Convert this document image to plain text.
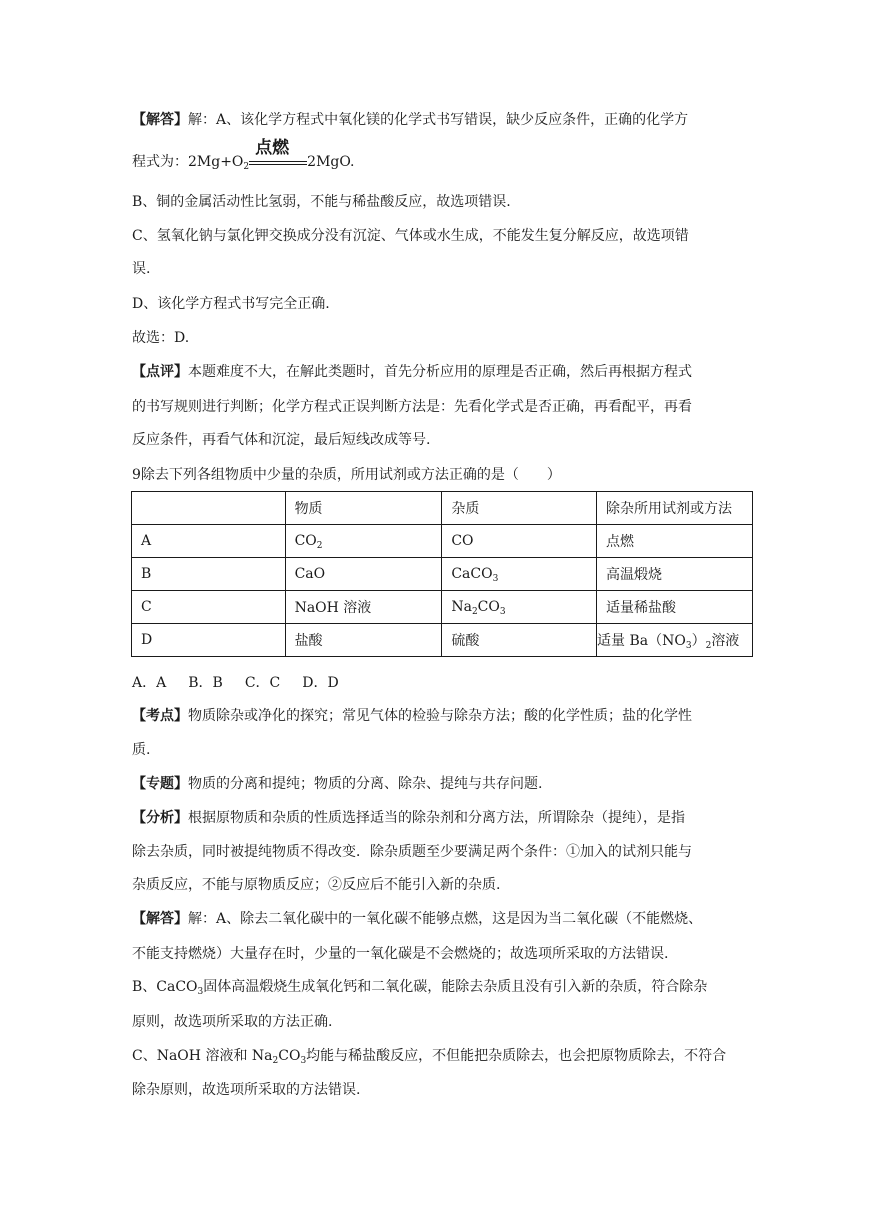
【解答】解：A、该化学方程式中氧化镁的化学式书写错误，缺少反应条件，正确的化学方
程式为：$2Mg+O_2$
点燃
2MgO.
B、铜的金属活动性比氢弱，不能与稀盐酸反应，故选项错误.
C、氢氧化钠与氯化钾交换成分没有沉淀、气体或水生成，不能发生复分解反应，故选项错
误.
D、该化学方程式书写完全正确.
故选：D.
【点评】本题难度不大，在解此类题时，首先分析应用的原理是否正确，然后再根据方程式
的书写规则进行判断；化学方程式正误判断方法是：先看化学式是否正确，再看配平，再看
反应条件，再看气体和沉淀，最后短线改成等号.
9除去下列各组物质中少量的杂质，所用试剂或方法正确的是（　　）
	物质	杂质	除杂所用试剂或方法
A	$CO_2$	CO	点燃
B	CaO	CaCO$_3$	高温煅烧
C	NaOH 溶液	$Na_2CO_3$	适量稀盐酸
D	盐酸	硫酸	适量 $Ba(NO_3)_2$溶液
A．A B．B C．C D．D
【考点】物质除杂或净化的探究；常见气体的检验与除杂方法；酸的化学性质；盐的化学性
质.
【专题】物质的分离和提纯；物质的分离、除杂、提纯与共存问题.
【分析】根据原物质和杂质的性质选择适当的除杂剂和分离方法，所谓除杂（提纯），是指
除去杂质，同时被提纯物质不得改变．除杂质题至少要满足两个条件：①加入的试剂只能与
杂质反应，不能与原物质反应；②反应后不能引入新的杂质.
【解答】解：A、除去二氧化碳中的一氧化碳不能够点燃，这是因为当二氧化碳（不能燃烧、
不能支持燃烧）大量存在时，少量的一氧化碳是不会燃烧的；故选项所采取的方法错误.
B、CaCO$_3$固体高温煅烧生成氧化钙和二氧化碳，能除去杂质且没有引入新的杂质，符合除杂
原则，故选项所采取的方法正确.
C、NaOH 溶液和 $Na_2CO_3$均能与稀盐酸反应，不但能把杂质除去，也会把原物质除去，不符合
除杂原则，故选项所采取的方法错误.
